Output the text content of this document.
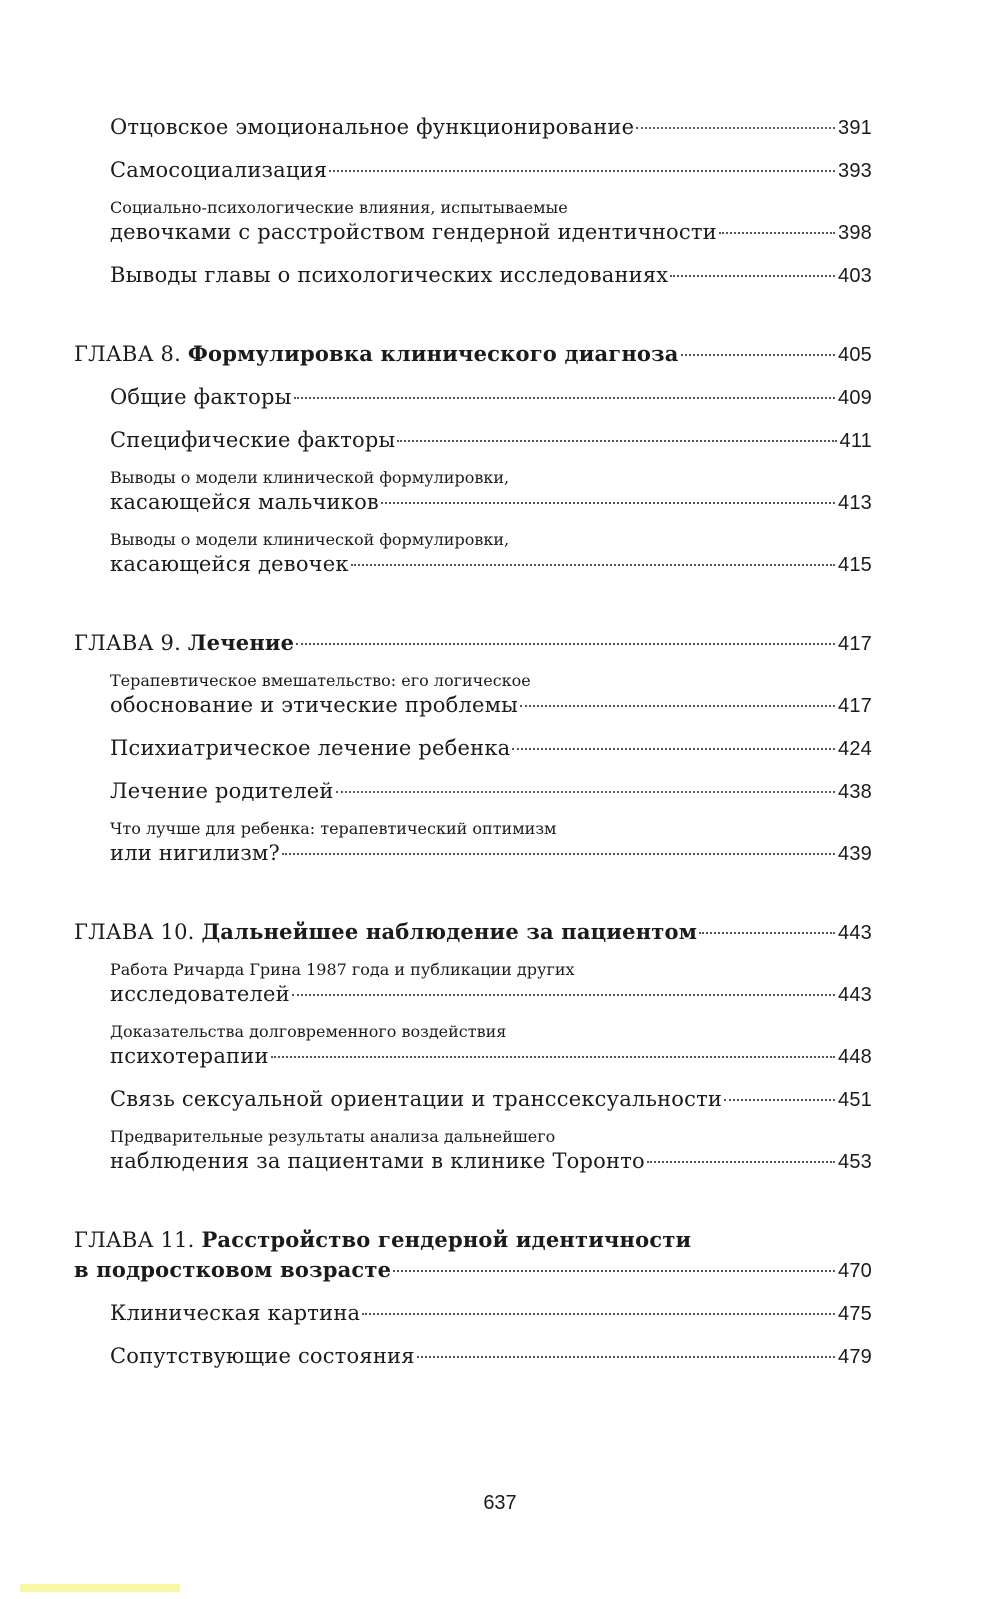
Отцовское эмоциональное функционирование	391
Самосоциализация	393
Социально-психологические влияния, испытываемые
девочками с расстройством гендерной идентичности	398
Выводы главы о психологических исследованиях	403
ГЛАВА 8. Формулировка клинического диагноза	405
Общие факторы	409
Специфические факторы	411
Выводы о модели клинической формулировки,
касающейся мальчиков	413
Выводы о модели клинической формулировки,
касающейся девочек	415
ГЛАВА 9. Лечение	417
Терапевтическое вмешательство: его логическое
обоснование и этические проблемы	417
Психиатрическое лечение ребенка	424
Лечение родителей	438
Что лучше для ребенка: терапевтический оптимизм
или нигилизм?	439
ГЛАВА 10. Дальнейшее наблюдение за пациентом	443
Работа Ричарда Грина 1987 года и публикации других
исследователей	443
Доказательства долговременного воздействия
психотерапии	448
Связь сексуальной ориентации и транссексуальности	451
Предварительные результаты анализа дальнейшего
наблюдения за пациентами в клинике Торонто	453
ГЛАВА 11. Расстройство гендерной идентичности
в подростковом возрасте	470
Клиническая картина	475
Сопутствующие состояния	479
637
